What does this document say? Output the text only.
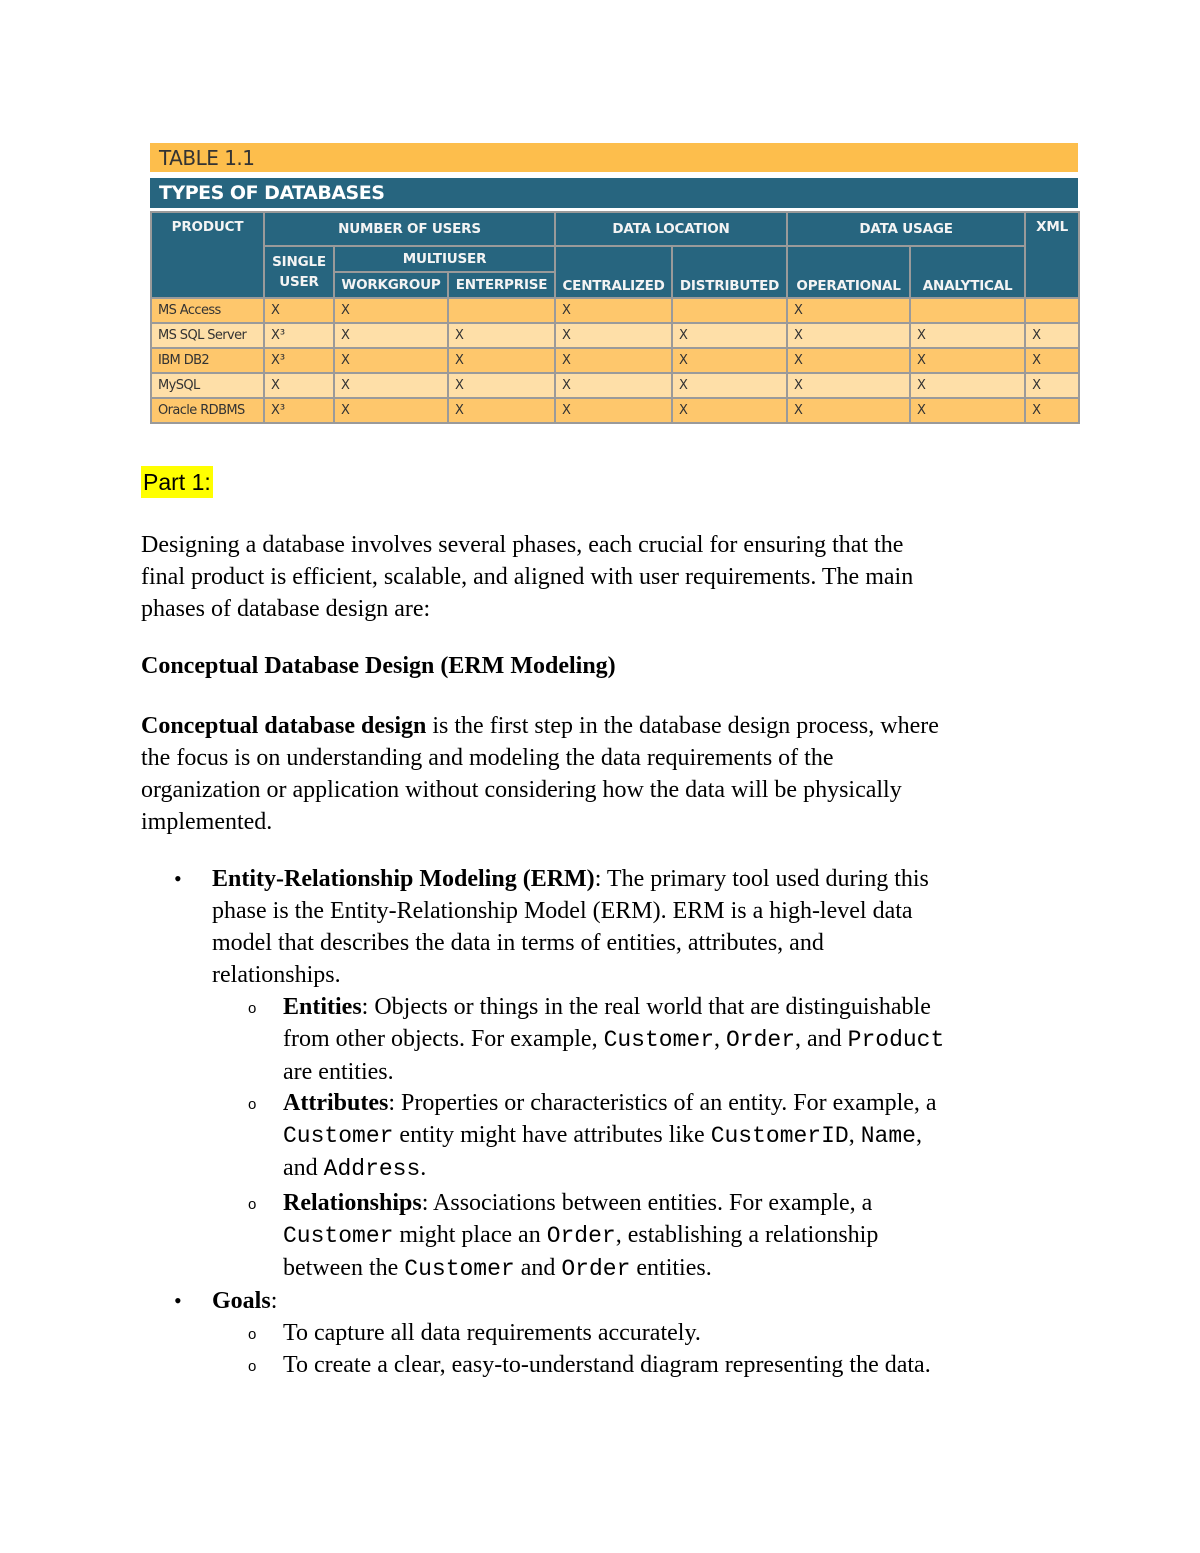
TABLE 1.1
TYPES OF DATABASES
PRODUCT	NUMBER OF USERS			DATA LOCATION		DATA USAGE		XML
	SINGLE USER	MULTIUSER		CENTRALIZED	DISTRIBUTED	OPERATIONAL	ANALYTICAL	
		WORKGROUP	ENTERPRISE					
MS Access	X	X		X		X		
MS SQL Server	X³	X	X	X	X	X	X	X
IBM DB2	X³	X	X	X	X	X	X	X
MySQL	X	X	X	X	X	X	X	X
Oracle RDBMS	X³	X	X	X	X	X	X	X
Part 1:
Designing a database involves several phases, each crucial for ensuring that the
final product is efficient, scalable, and aligned with user requirements. The main
phases of database design are:
Conceptual Database Design (ERM Modeling)
Conceptual database design is the first step in the database design process, where
the focus is on understanding and modeling the data requirements of the
organization or application without considering how the data will be physically
implemented.
Entity-Relationship Modeling (ERM): The primary tool used during this
phase is the Entity-Relationship Model (ERM). ERM is a high-level data
model that describes the data in terms of entities, attributes, and
relationships.
•
Entities: Objects or things in the real world that are distinguishable
from other objects. For example, Customer, Order, and Product
are entities.
o
Attributes: Properties or characteristics of an entity. For example, a
Customer entity might have attributes like CustomerID, Name,
and Address.
o
Relationships: Associations between entities. For example, a
Customer might place an Order, establishing a relationship
between the Customer and Order entities.
o
Goals:
•
To capture all data requirements accurately.
o
To create a clear, easy-to-understand diagram representing the data.
o
